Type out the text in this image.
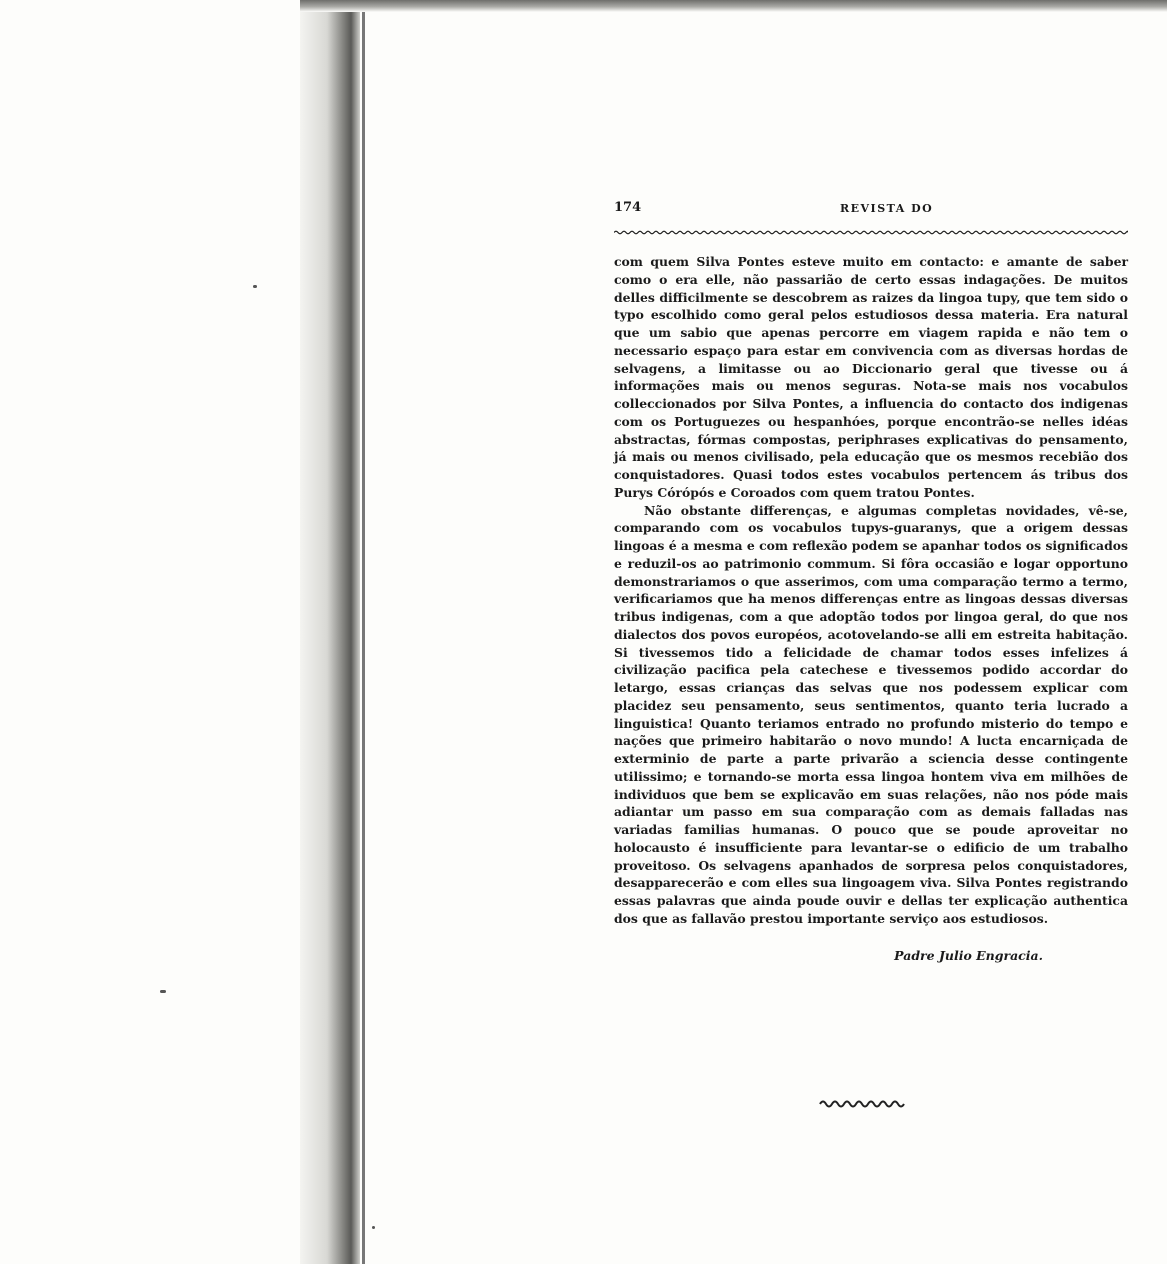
174	REVISTA DO

com quem Silva Pontes esteve muito em contacto: e amante de saber como o era elle, não passarião de certo essas indagações. De muitos delles difficilmente se descobrem as raizes da lingoa tupy, que tem sido o typo escolhido como geral pelos estudiosos dessa materia. Era natural que um sabio que apenas percorre em viagem rapida e não tem o necessario espaço para estar em convivencia com as diversas hordas de selvagens, a limitasse ou ao Diccionario geral que tivesse ou á informações mais ou menos seguras. Nota-se mais nos vocabulos colleccionados por Silva Pontes, a influencia do contacto dos indigenas com os Portuguezes ou hespanhóes, porque encontrão-se nelles idéas abstractas, fórmas compostas, periphrases explicativas do pensamento, já mais ou menos civilisado, pela educação que os mesmos recebião dos conquistadores. Quasi todos estes vocabulos pertencem ás tribus dos Purys Córópós e Coroados com quem tratou Pontes.

Não obstante differenças, e algumas completas novidades, vê-se, comparando com os vocabulos tupys-guaranys, que a origem dessas lingoas é a mesma e com reflexão podem se apanhar todos os significados e reduzil-os ao patrimonio commum. Si fôra occasião e logar opportuno demonstrariamos o que asserimos, com uma comparação termo a termo, verificariamos que ha menos differenças entre as lingoas dessas diversas tribus indigenas, com a que adoptão todos por lingoa geral, do que nos dialectos dos povos européos, acotovelando-se alli em estreita habitação. Si tivessemos tido a felicidade de chamar todos esses infelizes á civilização pacifica pela catechese e tivessemos podido accordar do letargo, essas crianças das selvas que nos podessem explicar com placidez seu pensamento, seus sentimentos, quanto teria lucrado a linguistica! Quanto teriamos entrado no profundo misterio do tempo e nações que primeiro habitarão o novo mundo! A lucta encarniçada de exterminio de parte a parte privarão a sciencia desse contingente utilissimo; e tornando-se morta essa lingoa hontem viva em milhões de individuos que bem se explicavão em suas relações, não nos póde mais adiantar um passo em sua comparação com as demais falladas nas variadas familias humanas. O pouco que se poude aproveitar no holocausto é insufficiente para levantar-se o edificio de um trabalho proveitoso. Os selvagens apanhados de sorpresa pelos conquistadores, desapparecerão e com elles sua lingoagem viva. Silva Pontes registrando essas palavras que ainda poude ouvir e dellas ter explicação authentica dos que as fallavão prestou importante serviço aos estudiosos.

Padre Julio Engracia.
